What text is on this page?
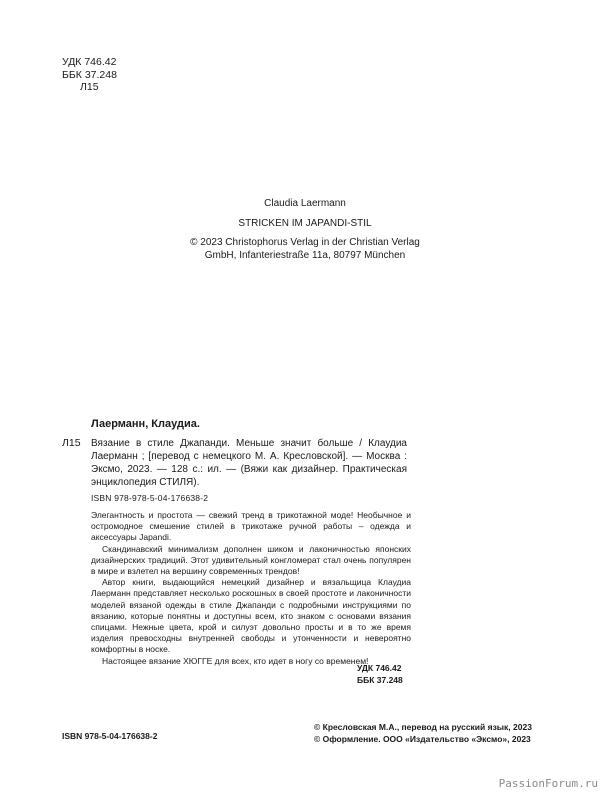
УДК 746.42
ББК 37.248
Л15
Claudia Laermann
STRICKEN IM JAPANDI-STIL
© 2023 Christophorus Verlag in der Christian Verlag
GmbH, Infanteriestraße 11a, 80797 München
Лаерманн, Клаудиа.
Л15 Вязание в стиле Джапанди. Меньше значит больше / Клаудиа Лаерманн ; [перевод с немецкого М. А. Кресловской]. — Москва : Эксмо, 2023. — 128 с.: ил. — (Вяжи как дизайнер. Практическая энциклопедия СТИЛЯ).
ISBN 978-978-5-04-176638-2

Элегантность и простота — свежий тренд в трикотажной моде! Необычное и остромодное смешение стилей в трикотаже ручной работы – одежда и аксессуары Japandi.

Скандинавский минимализм дополнен шиком и лаконичностью японских дизайнерских традиций. Этот удивительный конгломерат стал очень популярен в мире и взлетел на вершину современных трендов!

Автор книги, выдающийся немецкий дизайнер и вязальщица Клаудиа Лаерманн представляет несколько роскошных в своей простоте и лаконичности моделей вязаной одежды в стиле Джапанди с подробными инструкциями по вязанию, которые понятны и доступны всем, кто знаком с основами вязания спицами. Нежные цвета, крой и силуэт довольно просты и в то же время изделия превосходны внутренней свободы и утонченности и невероятно комфортны в носке.

Настоящее вязание ХЮГГЕ для всех, кто идет в ногу со временем!

УДК 746.42
ББК 37.248
ISBN 978-5-04-176638-2
© Кресловская М.А., перевод на русский язык, 2023
© Оформление. ООО «Издательство «Эксмо», 2023
PassionForum.ru
